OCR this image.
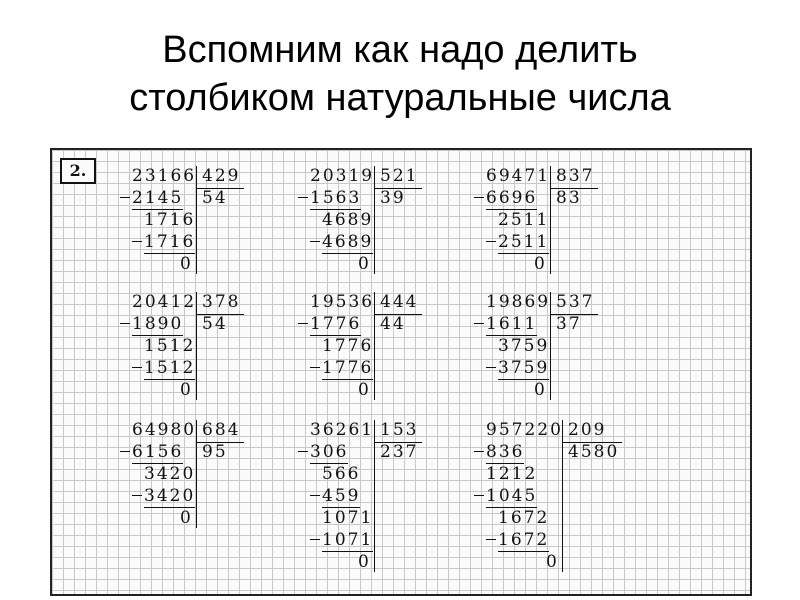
Вспомним как надо делить
столбиком натуральные числа
2.	23166 429
54
2145
1716
1716
0
20319 521
39
1563
4689
4689
0
69471 837
83
6696
2511
2511
0
20412 378
54
1890
1512
1512
0
19536 444
44
1776
1776
1776
0
19869 537
37
1611
3759
3759
0
64980 684
95
6156
3420
3420
0
36261 153
237
306
566
459
1071
1071
0
957220 209
4580
836
1212
1045
1672
1672
0
